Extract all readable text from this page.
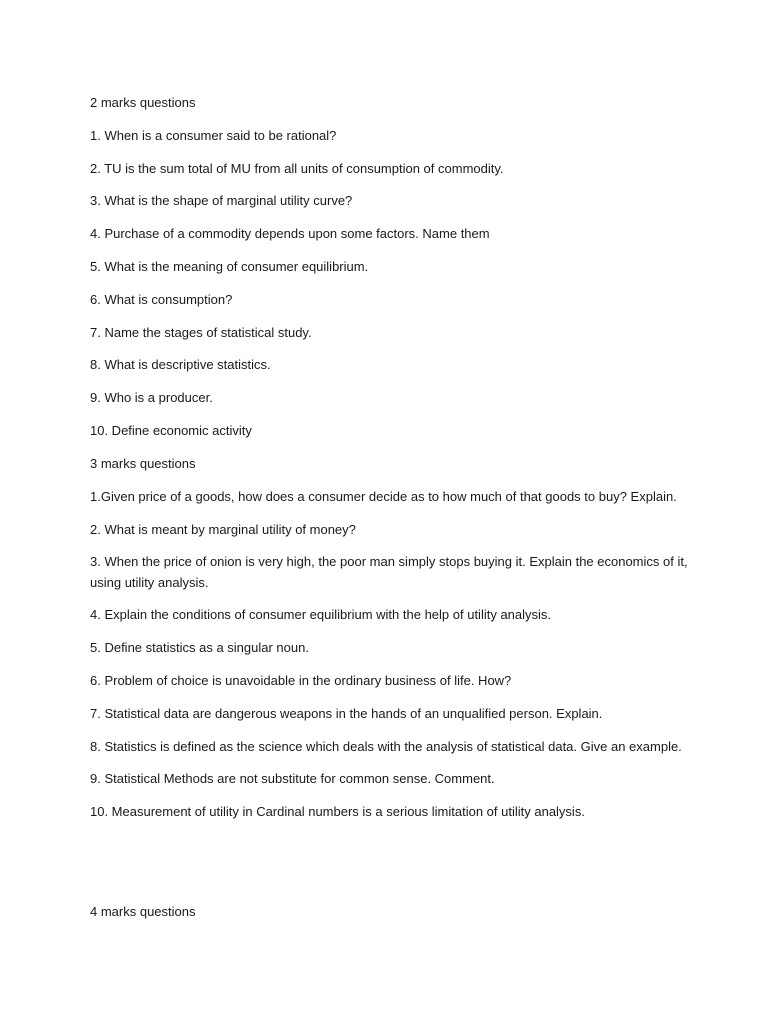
2 marks questions
1. When is a consumer said to be rational?
2. TU is the sum total of MU from all units of consumption of commodity.
3. What is the shape of marginal utility curve?
4. Purchase of a commodity depends upon some factors. Name them
5. What is the meaning of consumer equilibrium.
6. What is consumption?
7. Name the stages of statistical study.
8. What is descriptive statistics.
9. Who is a producer.
10. Define economic activity
3 marks questions
1.Given price of a goods, how does a consumer decide as to how much of that goods to buy? Explain.
2. What is meant by marginal utility of money?
3. When the price of onion is very high, the poor man simply stops buying it. Explain the economics of it, using utility analysis.
4. Explain the conditions of consumer equilibrium with the help of utility analysis.
5. Define statistics as a singular noun.
6. Problem of choice is unavoidable in the ordinary business of life. How?
7. Statistical data are dangerous weapons in the hands of an unqualified person. Explain.
8. Statistics is defined as the science which deals with the analysis of statistical data. Give an example.
9. Statistical Methods are not substitute for common sense. Comment.
10. Measurement of utility in Cardinal numbers is a serious limitation of utility analysis.
4 marks questions
